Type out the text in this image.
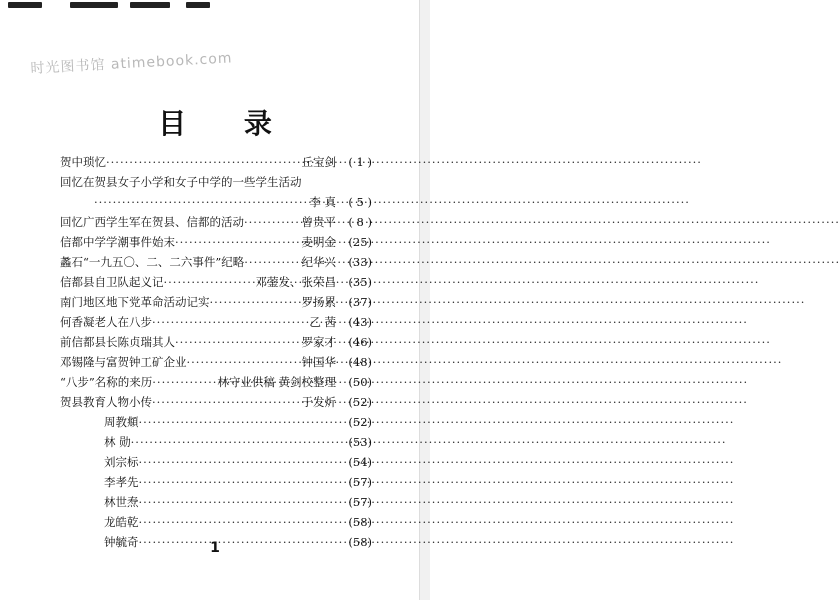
时光图书馆 atimebook.com
目 录
贺中琐忆 ·····	丘宝剑	( 1 )
回忆在贺县女子小学和女子中学的一些学生活动
·····
李 真	( 5 )
回忆广西学生军在贺县、信都的活动 ·····	曾贵平	( 8 )
信都中学学潮事件始末 ·····	麦明金	(25)
蠡石“一九五〇、二、二六事件”纪略 ·····	纪华兴	(33)
信都县自卫队起义记 ·····	邓蓥发、张荣昌	(35)
南门地区地下党革命活动记实 ·····	罗扬累	(37)
何香凝老人在八步 ·····	乙 茜	(43)
前信都县长陈贞瑞其人 ·····	罗家才	(46)
邓锡隆与富贺钟工矿企业 ·····	钟国华	(48)
“八步”名称的来历 ·····	林守业供稿 黄剑校整理	(50)
贺县教育人物小传 ·····	于发炘	(52)
周教頫 ·····	(52)
林 勋 ·····	(53)
刘宗标 ·····	(54)
李孝先 ·····	(57)
林世焘 ·····	(57)
龙皓乾 ·····	(58)
钟毓奇 ·····	(58)
1
